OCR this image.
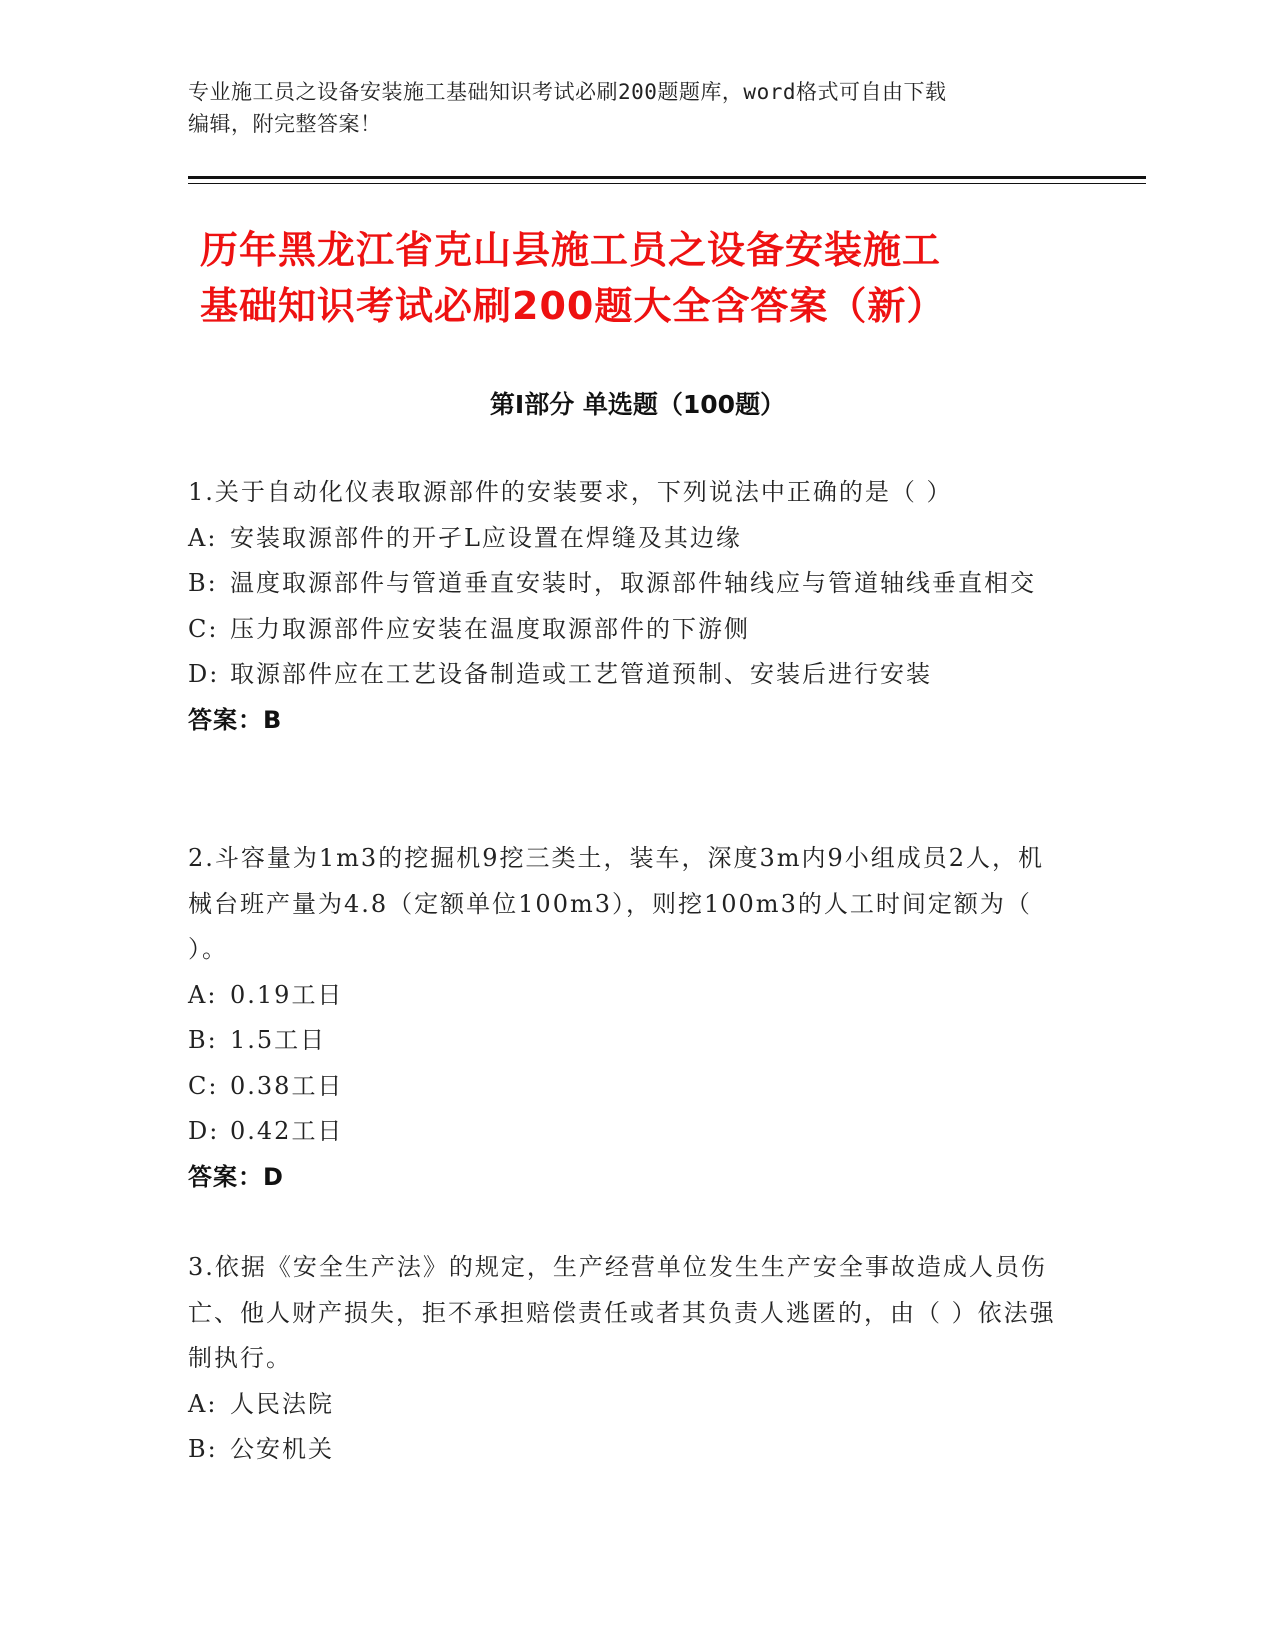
专业施工员之设备安装施工基础知识考试必刷200题题库，word格式可自由下载
编辑，附完整答案！
历年黑龙江省克山县施工员之设备安装施工
基础知识考试必刷200题大全含答案（新）
第Ⅰ部分 单选题（100题）

1.关于自动化仪表取源部件的安装要求，下列说法中正确的是（ ）

A: 安装取源部件的开孑L应设置在焊缝及其边缘

B: 温度取源部件与管道垂直安装时，取源部件轴线应与管道轴线垂直相交

C: 压力取源部件应安装在温度取源部件的下游侧

D: 取源部件应在工艺设备制造或工艺管道预制、安装后进行安装

答案：B

2.斗容量为1m3的挖掘机9挖三类土，装车，深度3m内9小组成员2人，机械台班产量为4.8（定额单位100m3），则挖100m3的人工时间定额为（ ）。

A: 0.19工日

B: 1.5工日

C: 0.38工日

D: 0.42工日

答案：D

3.依据《安全生产法》的规定，生产经营单位发生生产安全事故造成人员伤亡、他人财产损失，拒不承担赔偿责任或者其负责人逃匿的，由（ ）依法强制执行。

A: 人民法院

B: 公安机关
